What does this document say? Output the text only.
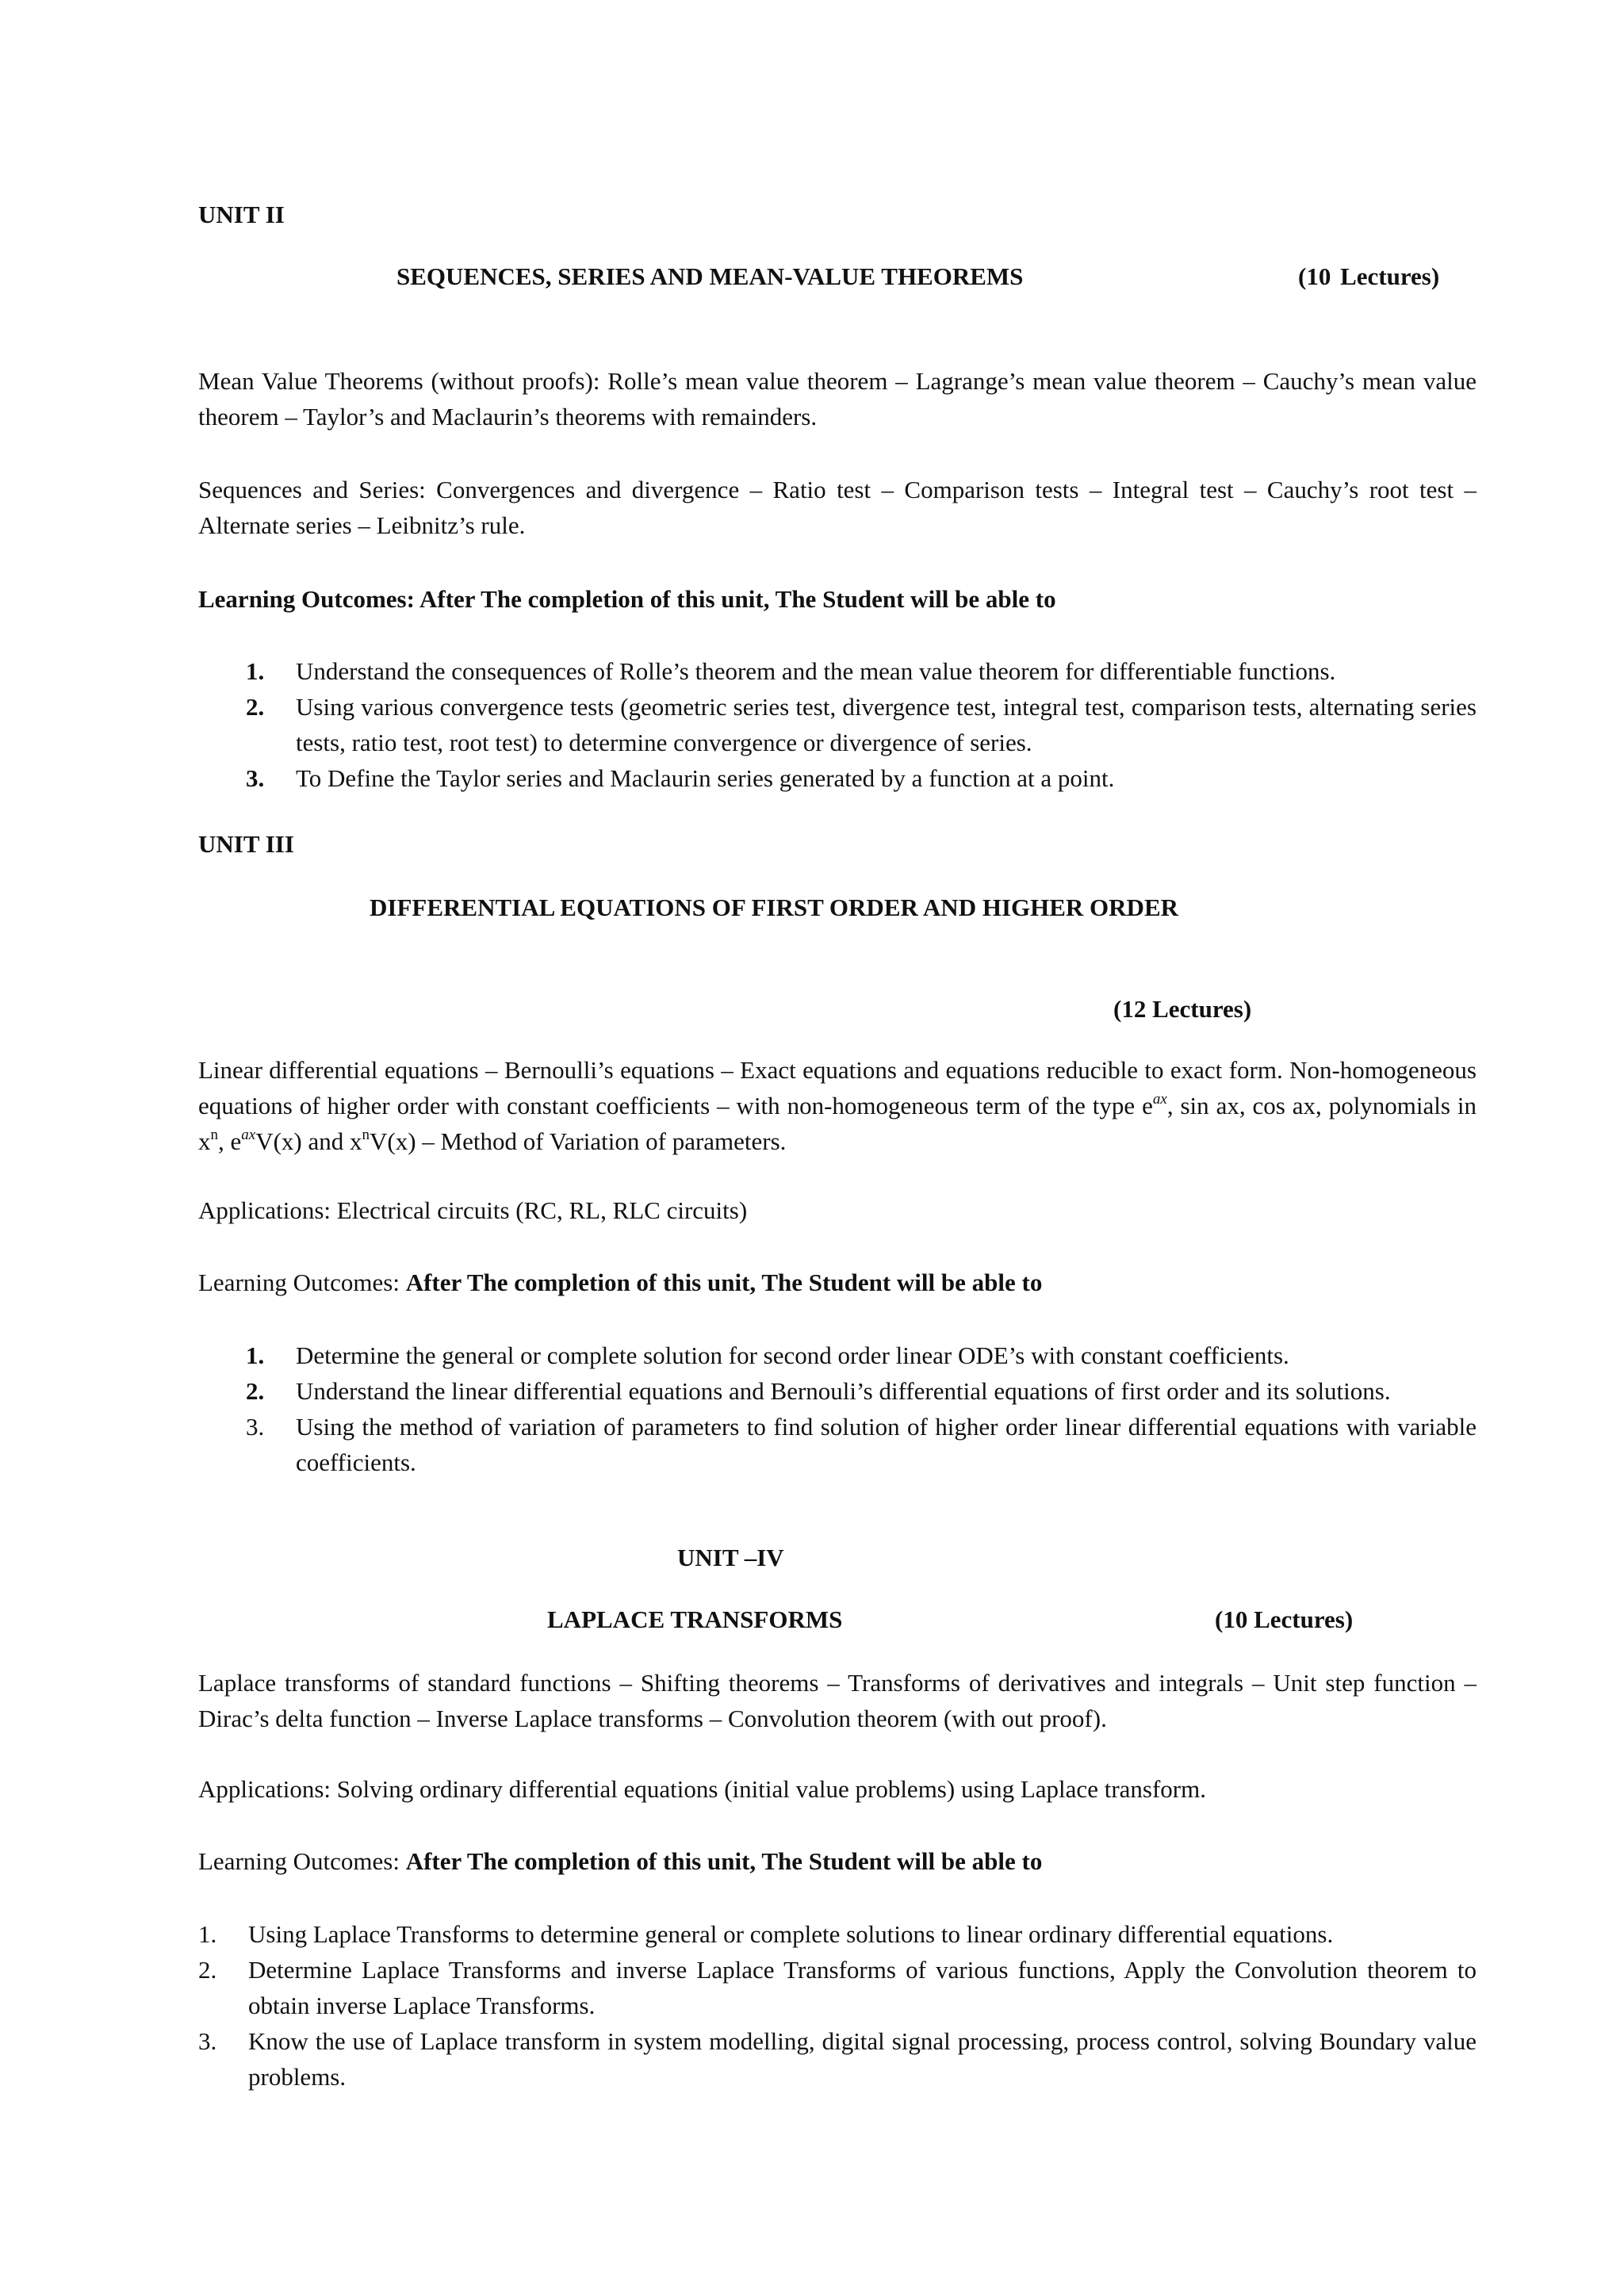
UNIT II
SEQUENCES, SERIES AND MEAN-VALUE THEOREMS	(10 Lectures)
Mean Value Theorems (without proofs): Rolle’s mean value theorem – Lagrange’s mean value theorem – Cauchy’s mean value theorem – Taylor’s and Maclaurin’s theorems with remainders.
Sequences and Series: Convergences and divergence – Ratio test – Comparison tests – Integral test – Cauchy’s root test – Alternate series – Leibnitz’s rule.
Learning Outcomes: After The completion of this unit, The Student will be able to
1. Understand the consequences of Rolle’s theorem and the mean value theorem for differentiable functions.
2. Using various convergence tests (geometric series test, divergence test, integral test, comparison tests, alternating series tests, ratio test, root test) to determine convergence or divergence of series.
3. To Define the Taylor series and Maclaurin series generated by a function at a point.
UNIT III
DIFFERENTIAL EQUATIONS OF FIRST ORDER AND HIGHER ORDER
(12 Lectures)
Linear differential equations – Bernoulli’s equations – Exact equations and equations reducible to exact form. Non-homogeneous equations of higher order with constant coefficients – with non-homogeneous term of the type $e^{ax}$, sin ax, cos ax, polynomials in $x^n$, $e^{ax}V(x)$ and $x^nV(x)$ – Method of Variation of parameters.
Applications: Electrical circuits (RC, RL, RLC circuits)
Learning Outcomes: After The completion of this unit, The Student will be able to
1. Determine the general or complete solution for second order linear ODE’s with constant coefficients.
2. Understand the linear differential equations and Bernouli’s differential equations of first order and its solutions.
3. Using the method of variation of parameters to find solution of higher order linear differential equations with variable coefficients.
UNIT –IV
LAPLACE TRANSFORMS	(10 Lectures)
Laplace transforms of standard functions – Shifting theorems – Transforms of derivatives and integrals – Unit step function – Dirac’s delta function – Inverse Laplace transforms – Convolution theorem (with out proof).
Applications: Solving ordinary differential equations (initial value problems) using Laplace transform.
Learning Outcomes: After The completion of this unit, The Student will be able to
1. Using Laplace Transforms to determine general or complete solutions to linear ordinary differential equations.
2. Determine Laplace Transforms and inverse Laplace Transforms of various functions, Apply the Convolution theorem to obtain inverse Laplace Transforms.
3. Know the use of Laplace transform in system modelling, digital signal processing, process control, solving Boundary value problems.
